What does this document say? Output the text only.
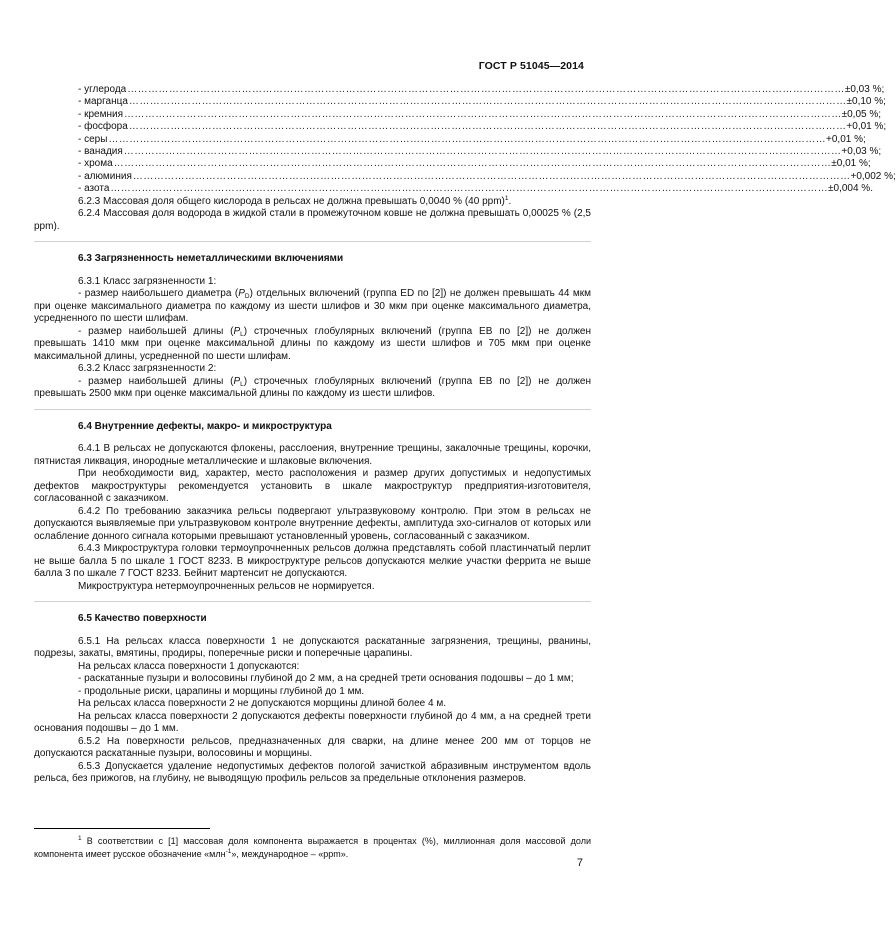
ГОСТ Р 51045—2014
- углерода ……………………………………………………………………………………………………………………………………………………………………………………… ±0,03 %;
- марганца ……………………………………………………………………………………………………………………………………………………………………………………… ±0,10 %;
- кремния ……………………………………………………………………………………………………………………………………………………………………………………… ±0,05 %;
- фосфора ……………………………………………………………………………………………………………………………………………………………………………………… +0,01 %;
- серы ……………………………………………………………………………………………………………………………………………………………………………………… +0,01 %;
- ванадия ……………………………………………………………………………………………………………………………………………………………………………………… +0,03 %;
- хрома ……………………………………………………………………………………………………………………………………………………………………………………… ±0,01 %;
- алюминия ……………………………………………………………………………………………………………………………………………………………………………………… +0,002 %;
- азота ……………………………………………………………………………………………………………………………………………………………………………………… ±0,004 %.

6.2.3 Массовая доля общего кислорода в рельсах не должна превышать 0,0040 % (40 ppm)$^1$.

6.2.4 Массовая доля водорода в жидкой стали в промежуточном ковше не должна превышать 0,00025 % (2,5 ppm).

6.3 Загрязненность неметаллическими включениями

6.3.1 Класс загрязненности 1:

- размер наибольшего диаметра $(P_D)$ отдельных включений (группа ED по [2]) не должен превышать 44 мкм при оценке максимального диаметра по каждому из шести шлифов и 30 мкм при оценке максимального диаметра, усредненного по шести шлифам.

- размер наибольшей длины $(P_L)$ строчечных глобулярных включений (группа ЕВ по [2]) не должен превышать 1410 мкм при оценке максимальной длины по каждому из шести шлифов и 705 мкм при оценке максимальной длины, усредненной по шести шлифам.

6.3.2 Класс загрязненности 2:

- размер наибольшей длины $(P_L)$ строчечных глобулярных включений (группа ЕВ по [2]) не должен превышать 2500 мкм при оценке максимальной длины по каждому из шести шлифов.

6.4 Внутренние дефекты, макро- и микроструктура

6.4.1 В рельсах не допускаются флокены, расслоения, внутренние трещины, закалочные трещины, корочки, пятнистая ликвация, инородные металлические и шлаковые включения.

При необходимости вид, характер, место расположения и размер других допустимых и недопустимых дефектов макроструктуры рекомендуется установить в шкале макроструктур предприятия-изготовителя, согласованной с заказчиком.

6.4.2 По требованию заказчика рельсы подвергают ультразвуковому контролю. При этом в рельсах не допускаются выявляемые при ультразвуковом контроле внутренние дефекты, амплитуда эхо-сигналов от которых или ослабление донного сигнала которыми превышают установленный уровень, согласованный с заказчиком.

6.4.3 Микроструктура головки термоупрочненных рельсов должна представлять собой пластинчатый перлит не выше балла 5 по шкале 1 ГОСТ 8233. В микроструктуре рельсов допускаются мелкие участки феррита не выше балла 3 по шкале 7 ГОСТ 8233. Бейнит мартенсит не допускаются.

Микроструктура нетермоупрочненных рельсов не нормируется.

6.5 Качество поверхности

6.5.1 На рельсах класса поверхности 1 не допускаются раскатанные загрязнения, трещины, рванины, подрезы, закаты, вмятины, продиры, поперечные риски и поперечные царапины.

На рельсах класса поверхности 1 допускаются:

- раскатанные пузыри и волосовины глубиной до 2 мм, а на средней трети основания подошвы – до 1 мм;

- продольные риски, царапины и морщины глубиной до 1 мм.

На рельсах класса поверхности 2 не допускаются морщины длиной более 4 м.

На рельсах класса поверхности 2 допускаются дефекты поверхности глубиной до 4 мм, а на средней трети основания подошвы – до 1 мм.

6.5.2 На поверхности рельсов, предназначенных для сварки, на длине менее 200 мм от торцов не допускаются раскатанные пузыри, волосовины и морщины.

6.5.3 Допускается удаление недопустимых дефектов пологой зачисткой абразивным инструментом вдоль рельса, без прижогов, на глубину, не выводящую профиль рельсов за предельные отклонения размеров.

$^1$ В соответствии с [1] массовая доля компонента выражается в процентах (%), миллионная доля массовой доли компонента имеет русское обозначение «млн$^{-1}$», международное – «ppm».

7
